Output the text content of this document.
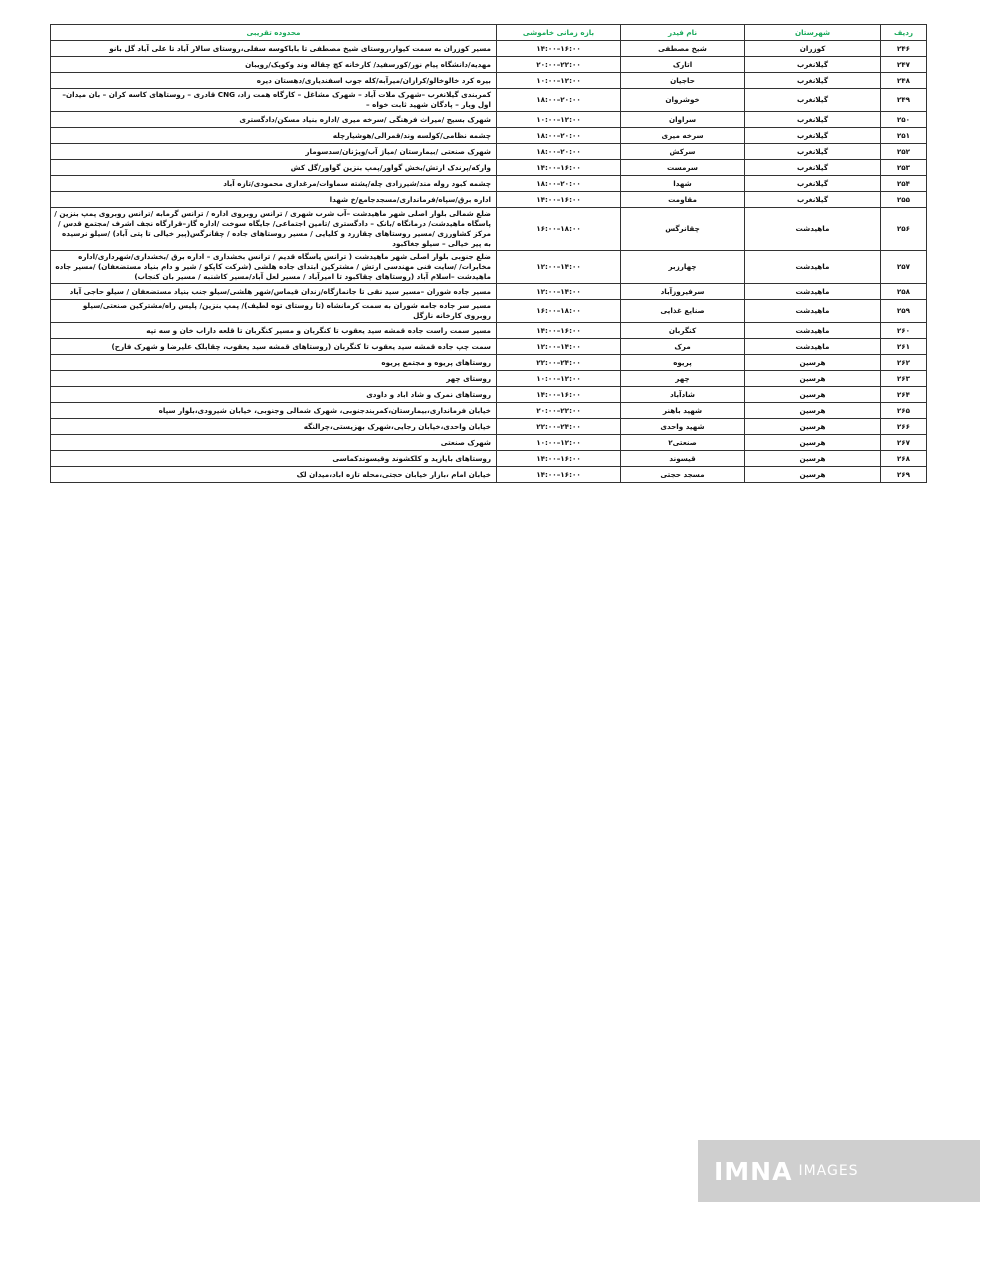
ردیف	شهرستان	نام فیدر	بازه زمانی خاموشی	محدوده تقریبی
۲۴۶	کوزران	شیخ مصطفی	۱۶:۰۰–۱۴:۰۰	مسیر کوزران به سمت کیوار،روستای شیخ مصطفی تا باباکوسه سفلی،روستای سالار آباد تا علی آباد گل بانو
۲۴۷	گیلانغرب	اتارک	۲۲:۰۰–۲۰:۰۰	مهدیه/دانشگاه پیام نور/کورسفید/ کارخانه کچ چقاله وند وکویک/رویبان
۲۴۸	گیلانغرب	حاجیان	۱۲:۰۰–۱۰:۰۰	بیره کرد خالوخالو/کرازان/میرآبه/کله جوب اسفندیاری/دهستان دیره
۲۴۹	گیلانغرب	خوشروان	۲۰:۰۰–۱۸:۰۰	کمربندی گیلانغرب –شهرک ملات آباد – شهرک مشاغل – کارگاه همت زاد، CNG قادری – روستاهای کاسه کران – بان میدان– اول ویار – پادگان شهید ثابت خواه –
۲۵۰	گیلانغرب	سراوان	۱۲:۰۰–۱۰:۰۰	شهرک بسیج /میراث فرهنگی /سرخه میری /اداره بنیاد مسکن/دادگستری
۲۵۱	گیلانغرب	سرخه میری	۲۰:۰۰–۱۸:۰۰	چشمه نظامی/کولسه وند/قمرالی/هوشیارچله
۲۵۲	گیلانغرب	سرکش	۲۰:۰۰–۱۸:۰۰	شهرک صنعتی /بیمارستان /میاژ آب/ویژنان/سدسومار
۲۵۳	گیلانغرب	سرمست	۱۶:۰۰–۱۴:۰۰	وارکه/پرندک ارتش/بخش گواور/پمپ بنزین گواور/گل کش
۲۵۴	گیلانغرب	شهدا	۲۰:۰۰–۱۸:۰۰	چشمه کبود روله مند/شیرزادی چله/پشته سماوات/مرغداری محمودی/تازه آباد
۲۵۵	گیلانغرب	مقاومت	۱۶:۰۰–۱۴:۰۰	اداره برق/سپاه/فرمانداری/مسجدجامع/خ شهدا
۲۵۶	ماهیدشت	چقانرگس	۱۸:۰۰–۱۶:۰۰	ضلع شمالی بلوار اصلی شهر ماهیدشت –آب شرب شهری / ترانس روبروی اداره / ترانس گرمابه /ترانس روبروی پمپ بنزین /پاسگاه ماهیدشت/ درمانگاه /بانک – دادگستری /تامین اجتماعی/ جایگاه سوخت /اداره گاز–قرارگاه نجف اشرف /مجتمع قدس /مرکز کشاورزی /مسیر روستاهای چقازرد و کلیایی / مسیر روستاهای جاده / چقانرگس(پیر خیالی تا پتی آباد) /سیلو نرسیده به پیر خیالی – سیلو جغاکبود
۲۵۷	ماهیدشت	چهارزبر	۱۴:۰۰–۱۲:۰۰	ضلع جنوبی بلوار اصلی شهر ماهیدشت ( ترانس پاسگاه قدیم / ترانس بخشداری – اداره برق /بخشداری/شهرداری/اداره مخابرات/ /سایت فنی مهندسی ارتش / مشترکین ابتدای جاده هلشی (شرکت کاپکو / شیر و دام بنیاد مستضعفان) /مسیر جاده ماهیدشت –اسلام آباد (روستاهای چقاکبود تا امیرآباد / مسیر لعل آباد/مسیر کاشنبه / مسیر بان کنجاب)
۲۵۸	ماهیدشت	سرفیروزآباد	۱۴:۰۰–۱۲:۰۰	مسیر جاده شوران –مسیر سید نقی تا جانمازگاه/زندان قیماس/شهر هلشی/سیلو جنب بنیاد مستضعفان / سیلو حاجی آباد
۲۵۹	ماهیدشت	صنایع غذایی	۱۸:۰۰–۱۶:۰۰	مسیر سر جاده جامه شوران به سمت کرمانشاه (تا روستای توه لطیف)/ پمپ بنزین/ پلیس راه/مشترکین صنعتی/سیلو روبروی کارخانه نازگل
۲۶۰	ماهیدشت	کنگربان	۱۶:۰۰–۱۴:۰۰	مسیر سمت راست جاده قمشه سید یعقوب تا کنگربان و مسیر کنگربان تا قلعه داراب خان و سه تپه
۲۶۱	ماهیدشت	مرک	۱۴:۰۰–۱۲:۰۰	سمت چپ جاده قمشه سید یعقوب تا کنگربان (روستاهای قمشه سید یعقوب، چقابلک علیرضا و شهرک فارح)
۲۶۲	هرسین	پریوه	۲۴:۰۰–۲۲:۰۰	روستاهای پریوه و مجتمع پریوه
۲۶۳	هرسین	چهر	۱۲:۰۰–۱۰:۰۰	روستای چهر
۲۶۴	هرسین	شادآباد	۱۶:۰۰–۱۴:۰۰	روستاهای نمرک و شاد اباد و داودی
۲۶۵	هرسین	شهید باهنر	۲۲:۰۰–۲۰:۰۰	خیابان فرمانداری،بیمارستان،کمربندجنوبی، شهرک شمالی وجنوبی، خیابان شیرودی،بلوار سپاه
۲۶۶	هرسین	شهید واحدی	۲۴:۰۰–۲۲:۰۰	خیابان واحدی،خیابان رجایی،شهرک بهزیستی،چرالنگه
۲۶۷	هرسین	صنعتی۲	۱۲:۰۰–۱۰:۰۰	شهرک صنعتی
۲۶۸	هرسین	قیسوند	۱۶:۰۰–۱۴:۰۰	روستاهای بایازید و کلکشوند وقیسوندکماسی
۲۶۹	هرسین	مسجد حجتی	۱۶:۰۰–۱۴:۰۰	خیابان امام ،بازار خیابان حجتی،محله تازه اباد،میدان لک
IMNA IMAGES
